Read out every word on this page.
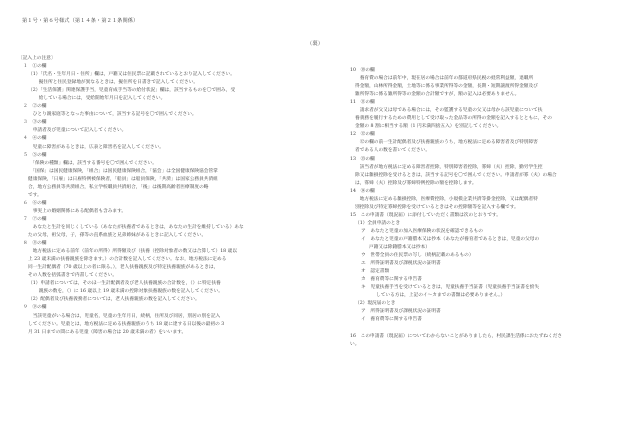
第１号・第６号様式（第１４条・第２１条関係）
（裏）
〔記入上の注意〕
１　①の欄
（1）「氏名・生年月日・住所」欄は，戸籍又は住民票に記載されているとおり記入してください。
　擬住所と住民登録地が異なるときは，擬住所を日書きで記入してください。
（2）「生活保護」関連保護手当，児童育成手当等の給付状況」欄は，該当するものを〇で囲み，受
　給している場合には，受給開始年月日を記入してください。
２　②の欄
　ひとり親家庭等となった事由について，該当する記号を〇で囲んでください。
３　③の欄
　申請者及び児童について記入してください。
４　④の欄
　児童に障害があるときは，広表と障害名を記入してください。
５　⑤の欄
　「保険の種類」欄は，該当する番号を〇で囲んでください。
　「国保」は国民健康保険，「組合」は国民健康保険組合，「協会」は全国健康保険協会管掌
健康保険，「日雇」は日雇特例被保険者，「船員」は船員保険，「共済」は国家公務員共済組
合，地方公務員等共済組合，私立学校職員共済組合，「後」は後期高齢者医療制度の略
です。
６　⑥の欄
　事実上の婚姻関係にある配偶者も含みます。
７　⑦の欄
　あなたと生計を同じくしている（あなたが扶養者であるときは，あなたの生計を維持している）あな
たの父母，祖父母，子，孫等の直系血族と兄弟姉妹があるときに記入してください。
８　⑧の欄
　地方税法に定める前年（前年の所得）所得額及び（扶養（控除対象者の数又は合算して）18 歳以
上 23 歳未満の扶養親族を除きます。）の合計数を記入してください。なお，地方税法に定める
同一生計配偶者（70 歳以上の者に限る。），老人扶養親族及び特定扶養親族があるときは，
その人数を括弧書きで内書してください。
（1）申請者については，そのほ一生計配偶者及び老人扶養親族の合計数を，（）に特定扶養
　親族の数を，（）に 16 歳以上 19 歳未満の控除対象扶養親族の数を記入してください。
（2）配偶者及び扶養義務者については，老人扶養親族の数を記入してください。
９　⑨の欄
　当該児童がいる場合は，児童名，児童の生年月日，続柄，住所及び同居，別居の別を記入
してください。児童とは，地方税法に定める扶養親族のうち 18 歳に達する日以後の最初の 3
月 31 日までの間にある児童（障害の場合は 20 歳未満の者）をいいます。
10　⑩の欄
　養育費の場合は前年中，現在居の場合は前年の都道府県民税の経常利益額，退職所
得金額，山林所得金額，土地等に係る事業所得等の金額，長期・短期譲渡所得金額及び
雑所得等に係る雑所得等の金額の合計額ですが，額の記入は必要ありません。
11　⑪の欄
　請求者が父又は母である場合には，その監護する児童の父又は母から該児童について扶
養義務を履行するための費用として受け取った金品等の所得の金額を記入するとともに，その
金額の 8 割に相当する額（1 円未満四捨五入）を別記してください。
12　⑫の欄
　⑫の欄の前一生計配偶者及び扶養親族のうち，地方税法に定める障害者及び特別障害
者である人の数を書いてください。
13　⑬の欄
　該当者が地方税法に定める障害者控除，特別障害者控除，寡婦（夫）控除，勤労学生控
除又は雑損控除を受けるときは，該当する記号を〇で囲んでください。申請者が寡（夫）の場合
は，寡婦（夫）控除及び寡婦特例控除の額を控除します。
14　⑭の欄
　地方税法に定める雑損控除，医療費控除，小規模企業共済等掛金控除，又は配偶者特
別控除及び特定寡婦控除を受けているときはその控除額等を記入する欄です。
15　この申請書（現況届）に添付していただく書類は次のとおりです。
（1）全員申請のとき
ア　あなたと児童の加入医療保険の状況を確認できるもの
イ　あなたと児童の戸籍謄本又は抄本（あなたが養育者であるときは，児童の父母の
戸籍又は除籍謄本又は抄本）
ウ　世帯全員の住民票の写し（続柄記載のあるもの）
エ　所得証明書及び課税状況の証明書
オ　認定書類
カ　養育費等に関する申告書
キ　児童扶養手当を受けているときは，児童扶養手当証書（児童扶養手当証書を紛失
している方は，上記のイ～カまでの書類は必要ありません。）
（2）現況届のとき
ア　所得証明書及び課税状況の証明書
イ　養育費等に関する申告書

16　この申請書（現況届）についてわからないことがありましたら，村民課生活係におたずねくださ
い。
